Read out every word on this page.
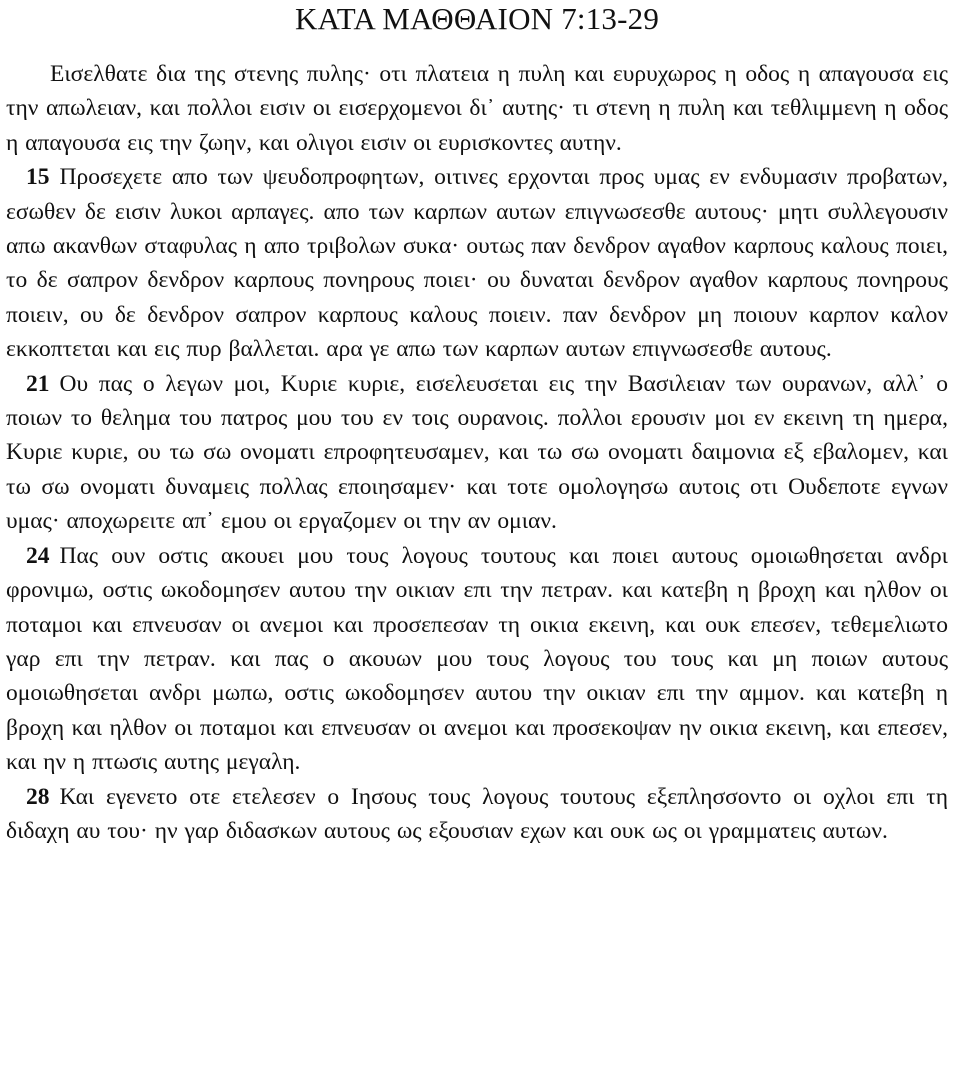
ΚΑΤΑ ΜΑΘΘΑΙΟΝ 7:13-29

Εισελθατε δια της στενης πυλης· οτι πλατεια η πυλη και ευρυχωρος η οδος η απαγουσα εις την απωλειαν, και πολλοι εισιν οι εισερχομενοι δι᾽ αυτης· τι στενη η πυλη και τεθλιμμενη η οδος η απαγουσα εις την ζωην, και ολιγοι εισιν οι ευρισκοντες αυτην.

15 Προσεχετε απο των ψευδοπροφητων, οιτινες ερχονται προς υμας εν ενδυμασιν προβατων, εσωθεν δε εισιν λυκοι αρπαγες. απο των καρπων αυτων επιγνωσεσθε αυτους· μητι συλλεγουσιν απω ακανθων σταφυλας η απο τριβολων συκα· ουτως παν δενδρον αγαθον καρπους καλους ποιει, το δε σαπρον δενδρον καρπους πονηρους ποιει· ου δυναται δενδρον αγαθον καρπους πονηρους ποιειν, ου δε δενδρον σαπρον καρπους καλους ποιειν. παν δενδρον μη ποιουν καρπον καλον εκκοπτεται και εις πυρ βαλλεται. αρα γε απω των καρπων αυτων επιγνωσεσθε αυτους.

21 Ου πας ο λεγων μοι, Κυριε κυριε, εισελευσεται εις την Βασιλειαν των ουρανων, αλλ᾽ ο ποιων το θελημα του πατρος μου του εν τοις ουρανοις. πολλοι ερουσιν μοι εν εκεινη τη ημερα, Κυριε κυριε, ου τω σω ονοματι επροφητευσαμεν, και τω σω ονοματι δαιμονια εξ εβαλομεν, και τω σω ονοματι δυναμεις πολλας εποιησαμεν· και τοτε ομολογησω αυτοις οτι Ουδεποτε εγνων υμας· αποχωρειτε απ᾽ εμου οι εργαζομεν οι την αν ομιαν.

24 Πας ουν οστις ακουει μου τους λογους τουτους και ποιει αυτους ομοιωθησεται ανδρι φρονιμω, οστις ωκοδομησεν αυτου την οικιαν επι την πετραν. και κατεβη η βροχη και ηλθον οι ποταμοι και επνευσαν οι ανεμοι και προσεπεσαν τη οικια εκεινη, και ουκ επεσεν, τεθεμελιωτο γαρ επι την πετραν. και πας ο ακουων μου τους λογους του τους και μη ποιων αυτους ομοιωθησεται ανδρι μωπω, οστις ωκοδομησεν αυτου την οικιαν επι την αμμον. και κατεβη η βροχη και ηλθον οι ποταμοι και επνευσαν οι ανεμοι και προσεκοψαν ην οικια εκεινη, και επεσεν, και ην η πτωσις αυτης μεγαλη.

28 Και εγενετο οτε ετελεσεν ο Ιησους τους λογους τουτους εξεπλησσοντο οι οχλοι επι τη διδαχη αυ του· ην γαρ διδασκων αυτους ως εξουσιαν εχων και ουκ ως οι γραμματεις αυτων.
